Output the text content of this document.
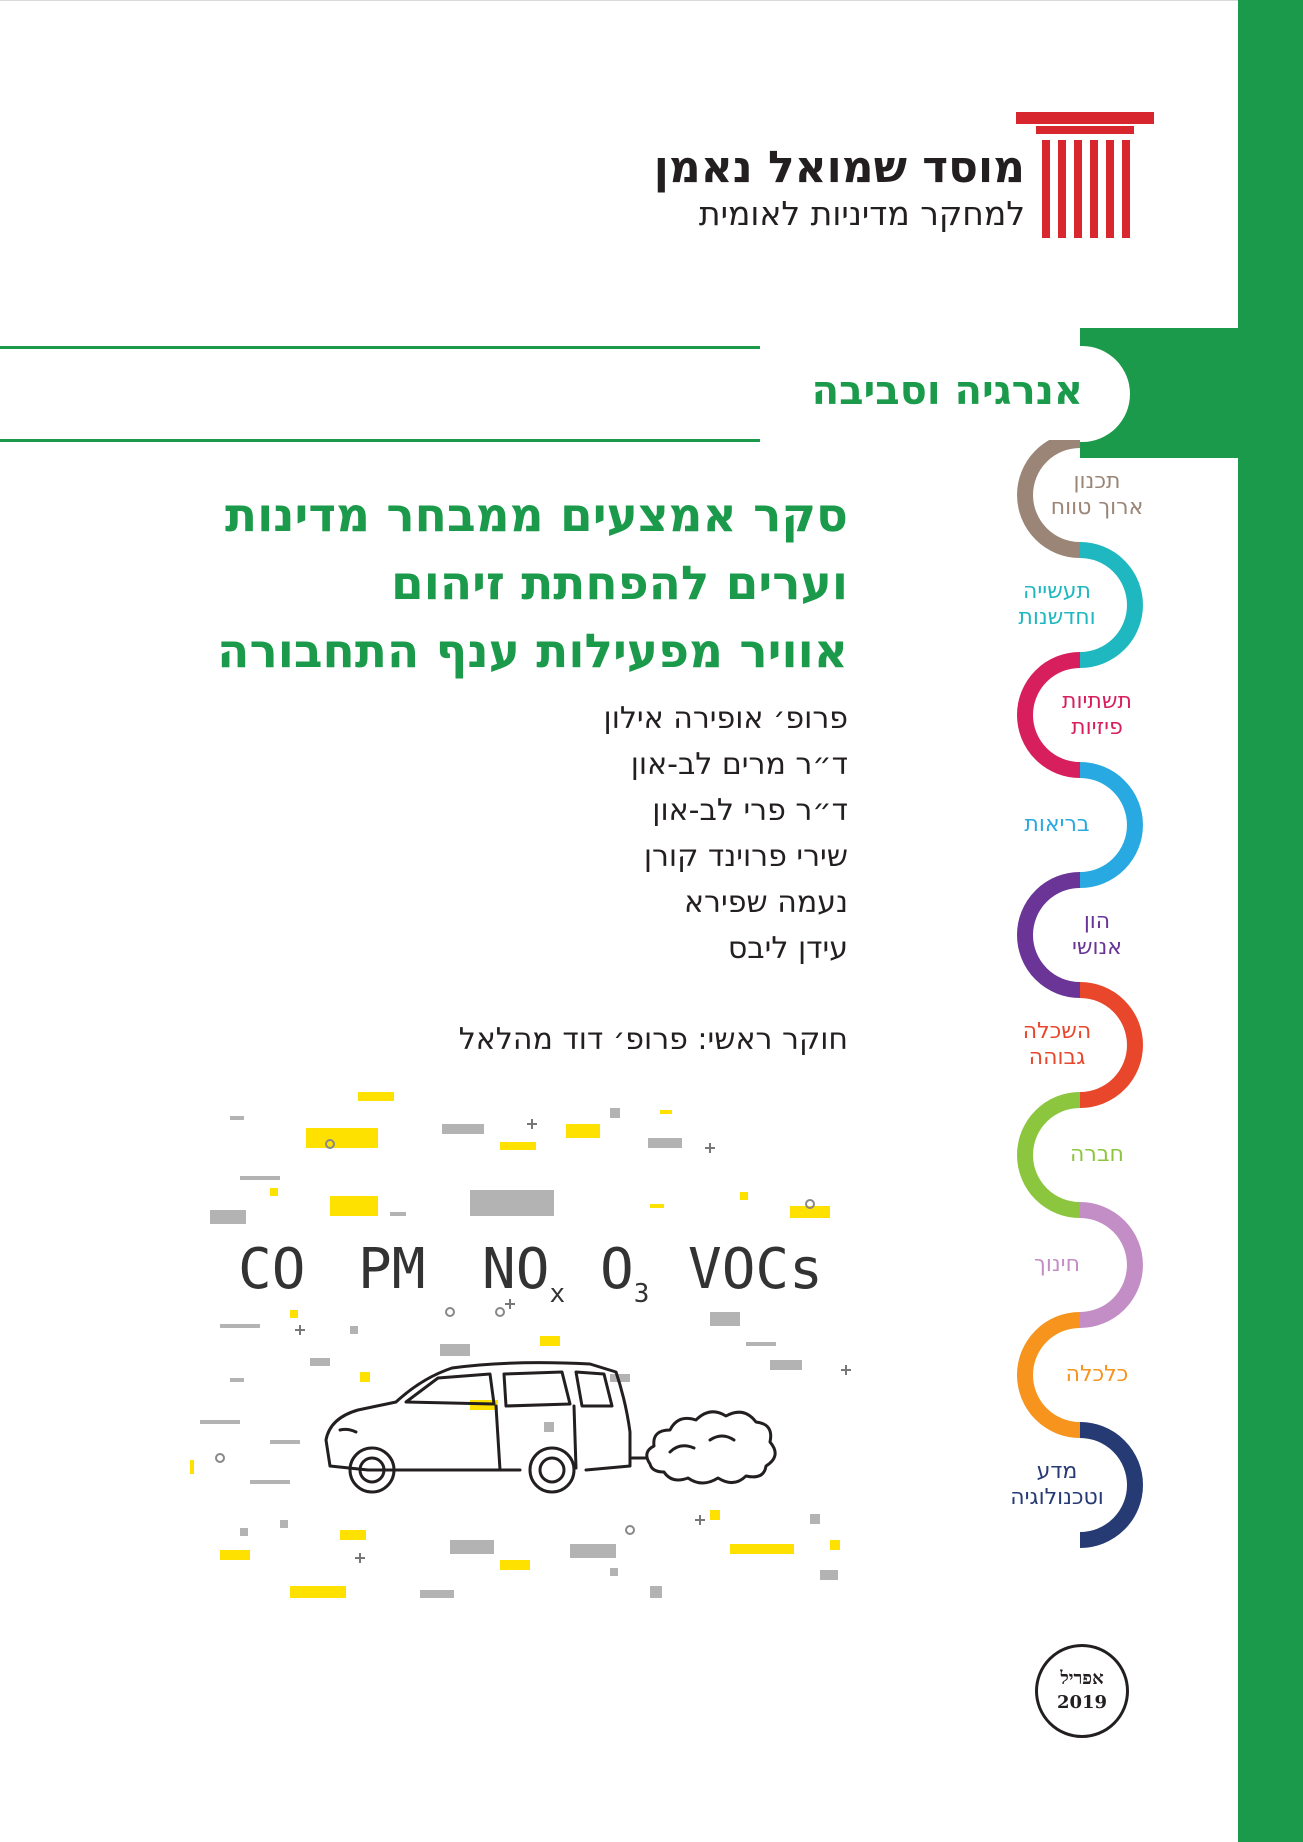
מוסד שמואל נאמן
למחקר מדיניות לאומית
אנרגיה וסביבה
סקר אמצעים ממבחר מדינות
וערים להפחתת זיהום
אוויר מפעילות ענף התחבורה
פרופ׳ אופירה אילון
ד״ר מרים לב-און
ד״ר פרי לב-און
שירי פרוינד קורן
נעמה שפירא
עידן ליבס
חוקר ראשי: פרופ׳ דוד מהלאל
CO PM $NO_x$ $O_3$ VOCs
תכנון
ארוך טווח
תעשייה
וחדשנות
תשתיות
פיזיות
בריאות
הון
אנושי
השכלה
גבוהה
חברה
חינוך
כלכלה
מדע
וטכנולוגיה
אפריל
2019
